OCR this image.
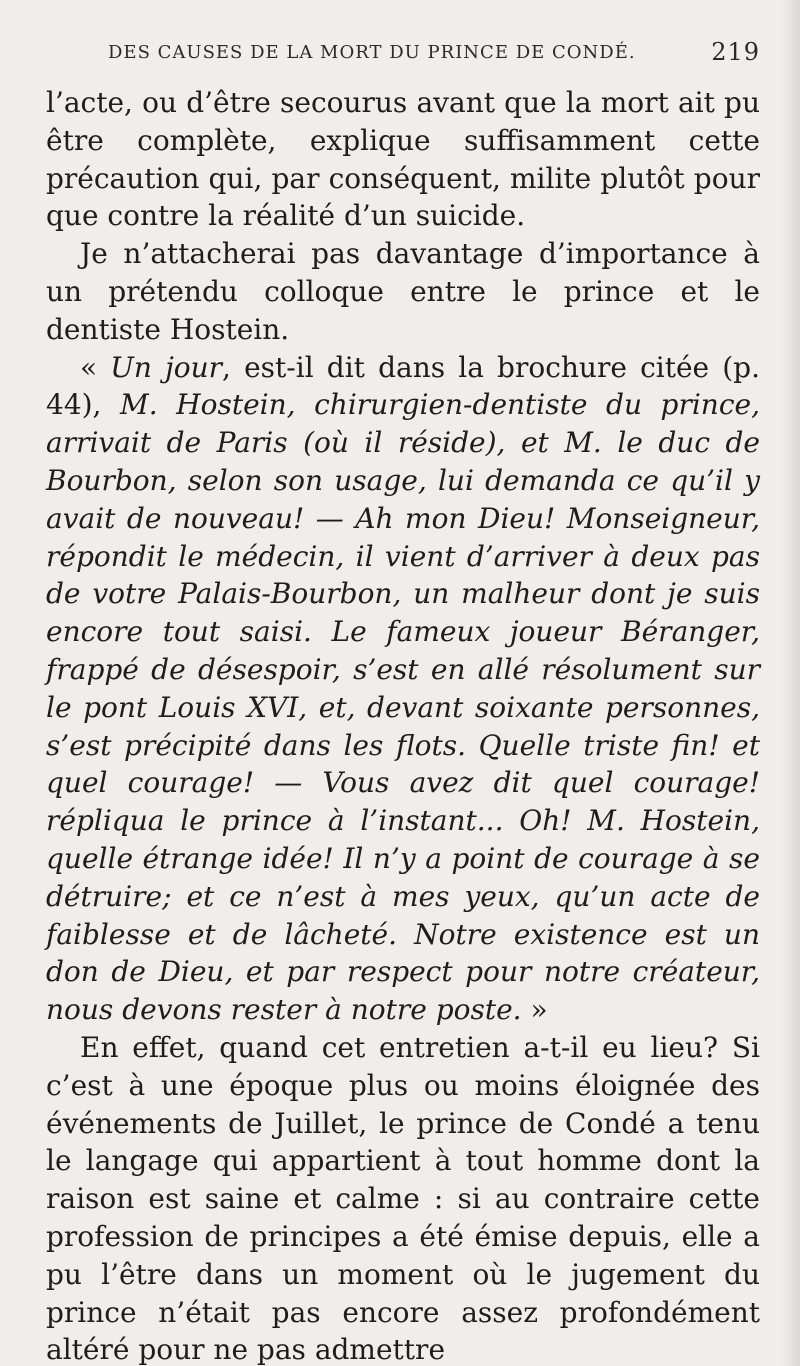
DES CAUSES DE LA MORT DU PRINCE DE CONDÉ.	219

l’acte, ou d’être secourus avant que la mort ait pu être complète, explique suffisamment cette précaution qui, par conséquent, milite plutôt pour que contre la réalité d’un suicide.

Je n’attacherai pas davantage d’importance à un prétendu colloque entre le prince et le dentiste Hostein.

« Un jour, est-il dit dans la brochure citée (p. 44), M. Hostein, chirurgien-dentiste du prince, arrivait de Paris (où il réside), et M. le duc de Bourbon, selon son usage, lui demanda ce qu’il y avait de nouveau! — Ah mon Dieu! Monseigneur, répondit le médecin, il vient d’arriver à deux pas de votre Palais-Bourbon, un malheur dont je suis encore tout saisi. Le fameux joueur Béranger, frappé de désespoir, s’est en allé résolument sur le pont Louis XVI, et, devant soixante personnes, s’est précipité dans les flots. Quelle triste fin! et quel courage! — Vous avez dit quel courage! répliqua le prince à l’instant... Oh! M. Hostein, quelle étrange idée! Il n’y a point de courage à se détruire; et ce n’est à mes yeux, qu’un acte de faiblesse et de lâcheté. Notre existence est un don de Dieu, et par respect pour notre créateur, nous devons rester à notre poste. »

En effet, quand cet entretien a-t-il eu lieu? Si c’est à une époque plus ou moins éloignée des événements de Juillet, le prince de Condé a tenu le langage qui appartient à tout homme dont la raison est saine et calme : si au contraire cette profession de principes a été émise depuis, elle a pu l’être dans un moment où le jugement du prince n’était pas encore assez profondément altéré pour ne pas admettre
